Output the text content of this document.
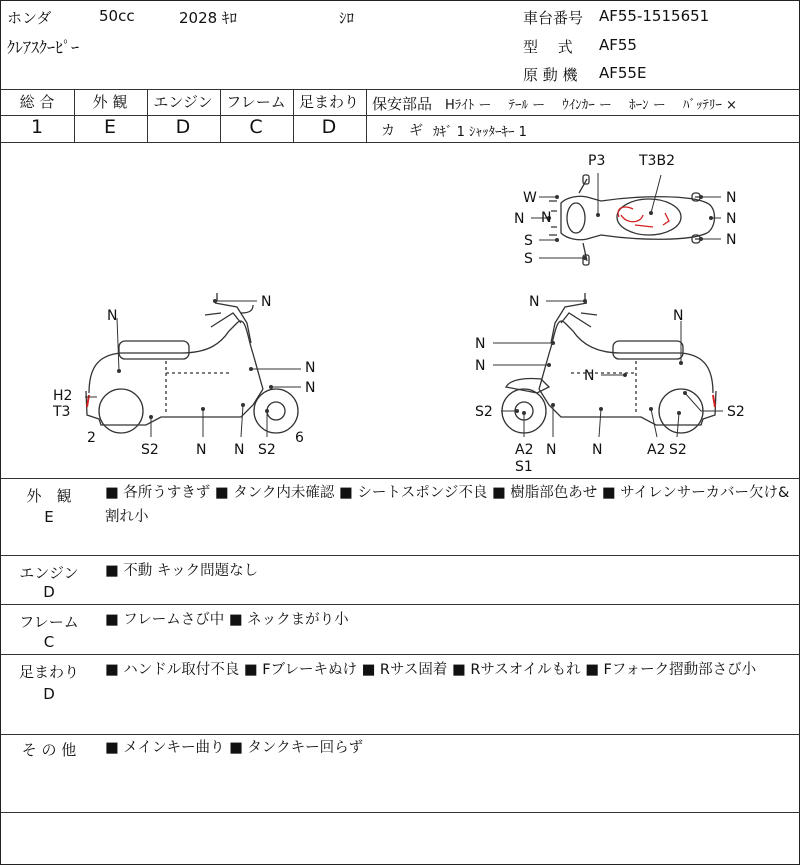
ホンダ	50cc	2028 ｷﾛ	ｼﾛ
ｸﾚｱｽｸｰﾋﾟｰ
車台番号 AF55-1515651
型　 式 AF55
原 動 機 AF55E
総 合
1
外 観
E
エンジン
D
フレーム
C
足まわり
D
保安部品 Hﾗｲﾄ ー　 ﾃｰﾙ ー　 ｳｲﾝｶｰ ー　 ﾎｰﾝ ー　 ﾊﾞｯﾃﾘｰ ×
カ　ギ ｶｷﾞ 1 ｼｬｯﾀｰｷｰ 1
P3 T3B2
W
N N
S
S
N
N
N
N
N
N
N
H2
T3
2
S2	N N S2
6
N
N
N
N
N
S2	S2
A2
S1
N	N	A2 S2
外　観
E
■ 各所うすきず ■ タンク内未確認 ■ シートスポンジ不良 ■ 樹脂部色あせ ■ サイレンサーカバー欠け&割れ小
エンジン
D
■ 不動 キック問題なし
フレーム
C
■ フレームさび中 ■ ネックまがり小
足まわり
D
■ ハンドル取付不良 ■ Fブレーキぬけ ■ Rサス固着 ■ Rサスオイルもれ ■ Fフォーク摺動部さび小
そ の 他	■ メインキー曲り ■ タンクキー回らず
